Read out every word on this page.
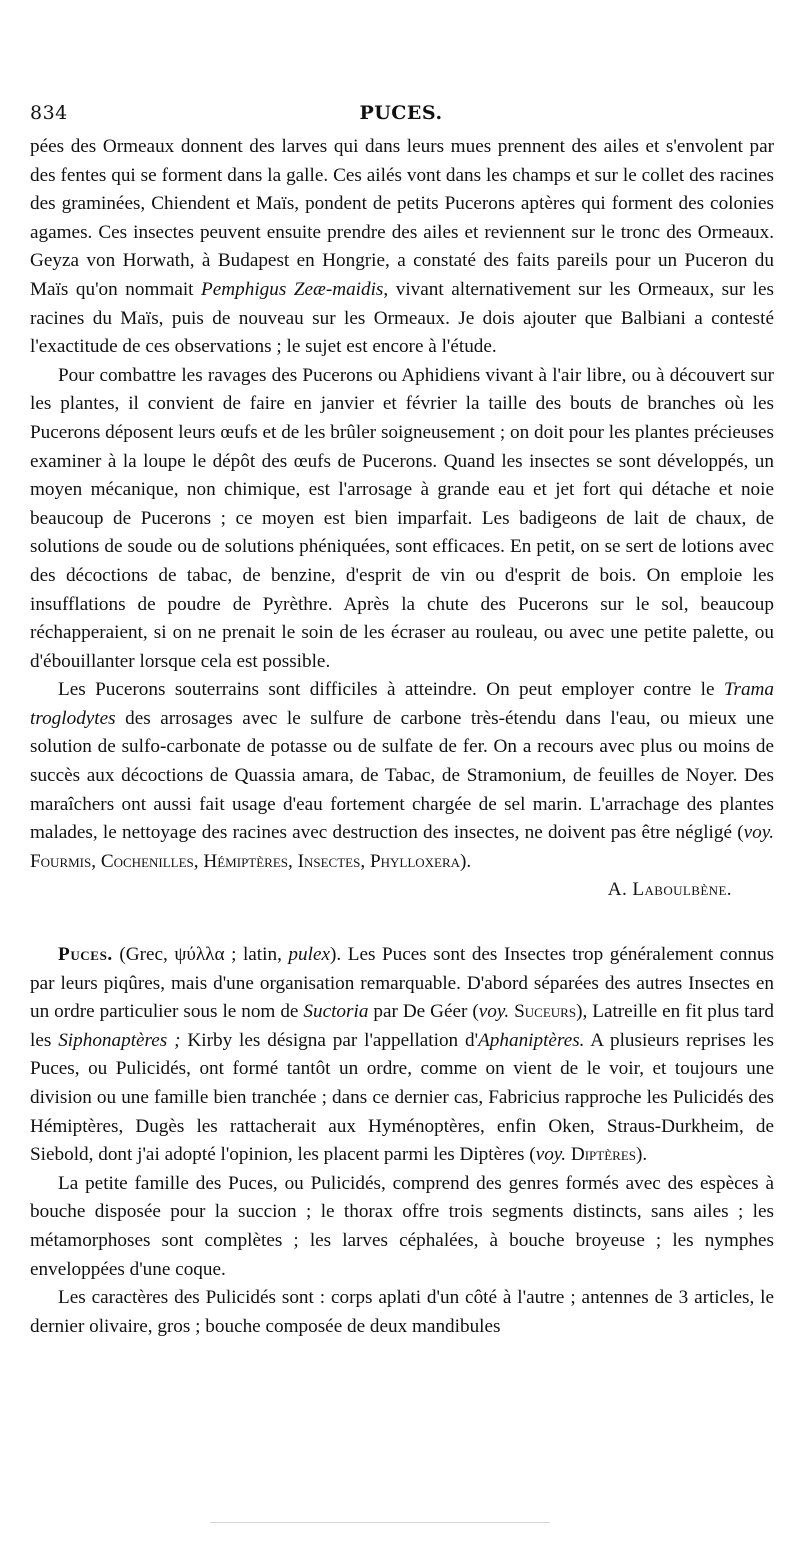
834	PUCES.

pées des Ormeaux donnent des larves qui dans leurs mues prennent des ailes et s'envolent par des fentes qui se forment dans la galle. Ces ailés vont dans les champs et sur le collet des racines des graminées, Chiendent et Maïs, pondent de petits Pucerons aptères qui forment des colonies agames. Ces insectes peuvent ensuite prendre des ailes et reviennent sur le tronc des Ormeaux. Geyza von Horwath, à Budapest en Hongrie, a constaté des faits pareils pour un Puceron du Maïs qu'on nommait Pemphigus Zeæ-maidis, vivant alternativement sur les Ormeaux, sur les racines du Maïs, puis de nouveau sur les Ormeaux. Je dois ajouter que Balbiani a contesté l'exactitude de ces observations ; le sujet est encore à l'étude.

Pour combattre les ravages des Pucerons ou Aphidiens vivant à l'air libre, ou à découvert sur les plantes, il convient de faire en janvier et février la taille des bouts de branches où les Pucerons déposent leurs œufs et de les brûler soigneusement ; on doit pour les plantes précieuses examiner à la loupe le dépôt des œufs de Pucerons. Quand les insectes se sont développés, un moyen mécanique, non chimique, est l'arrosage à grande eau et jet fort qui détache et noie beaucoup de Pucerons ; ce moyen est bien imparfait. Les badigeons de lait de chaux, de solutions de soude ou de solutions phéniquées, sont efficaces. En petit, on se sert de lotions avec des décoctions de tabac, de benzine, d'esprit de vin ou d'esprit de bois. On emploie les insufflations de poudre de Pyrèthre. Après la chute des Pucerons sur le sol, beaucoup réchapperaient, si on ne prenait le soin de les écraser au rouleau, ou avec une petite palette, ou d'ébouillanter lorsque cela est possible.

Les Pucerons souterrains sont difficiles à atteindre. On peut employer contre le Trama troglodytes des arrosages avec le sulfure de carbone très-étendu dans l'eau, ou mieux une solution de sulfo-carbonate de potasse ou de sulfate de fer. On a recours avec plus ou moins de succès aux décoctions de Quassia amara, de Tabac, de Stramonium, de feuilles de Noyer. Des maraîchers ont aussi fait usage d'eau fortement chargée de sel marin. L'arrachage des plantes malades, le nettoyage des racines avec destruction des insectes, ne doivent pas être négligé (voy. Fourmis, Cochenilles, Hémiptères, Insectes, Phylloxera).

A. Laboulbène.

Puces. (Grec, ψύλλα ; latin, pulex). Les Puces sont des Insectes trop généralement connus par leurs piqûres, mais d'une organisation remarquable. D'abord séparées des autres Insectes en un ordre particulier sous le nom de Suctoria par De Géer (voy. Suceurs), Latreille en fit plus tard les Siphonaptères ; Kirby les désigna par l'appellation d'Aphaniptères. A plusieurs reprises les Puces, ou Pulicidés, ont formé tantôt un ordre, comme on vient de le voir, et toujours une division ou une famille bien tranchée ; dans ce dernier cas, Fabricius rapproche les Pulicidés des Hémiptères, Dugès les rattacherait aux Hyménoptères, enfin Oken, Straus-Durkheim, de Siebold, dont j'ai adopté l'opinion, les placent parmi les Diptères (voy. Diptères).

La petite famille des Puces, ou Pulicidés, comprend des genres formés avec des espèces à bouche disposée pour la succion ; le thorax offre trois segments distincts, sans ailes ; les métamorphoses sont complètes ; les larves céphalées, à bouche broyeuse ; les nymphes enveloppées d'une coque.

Les caractères des Pulicidés sont : corps aplati d'un côté à l'autre ; antennes de 3 articles, le dernier olivaire, gros ; bouche composée de deux mandibules
